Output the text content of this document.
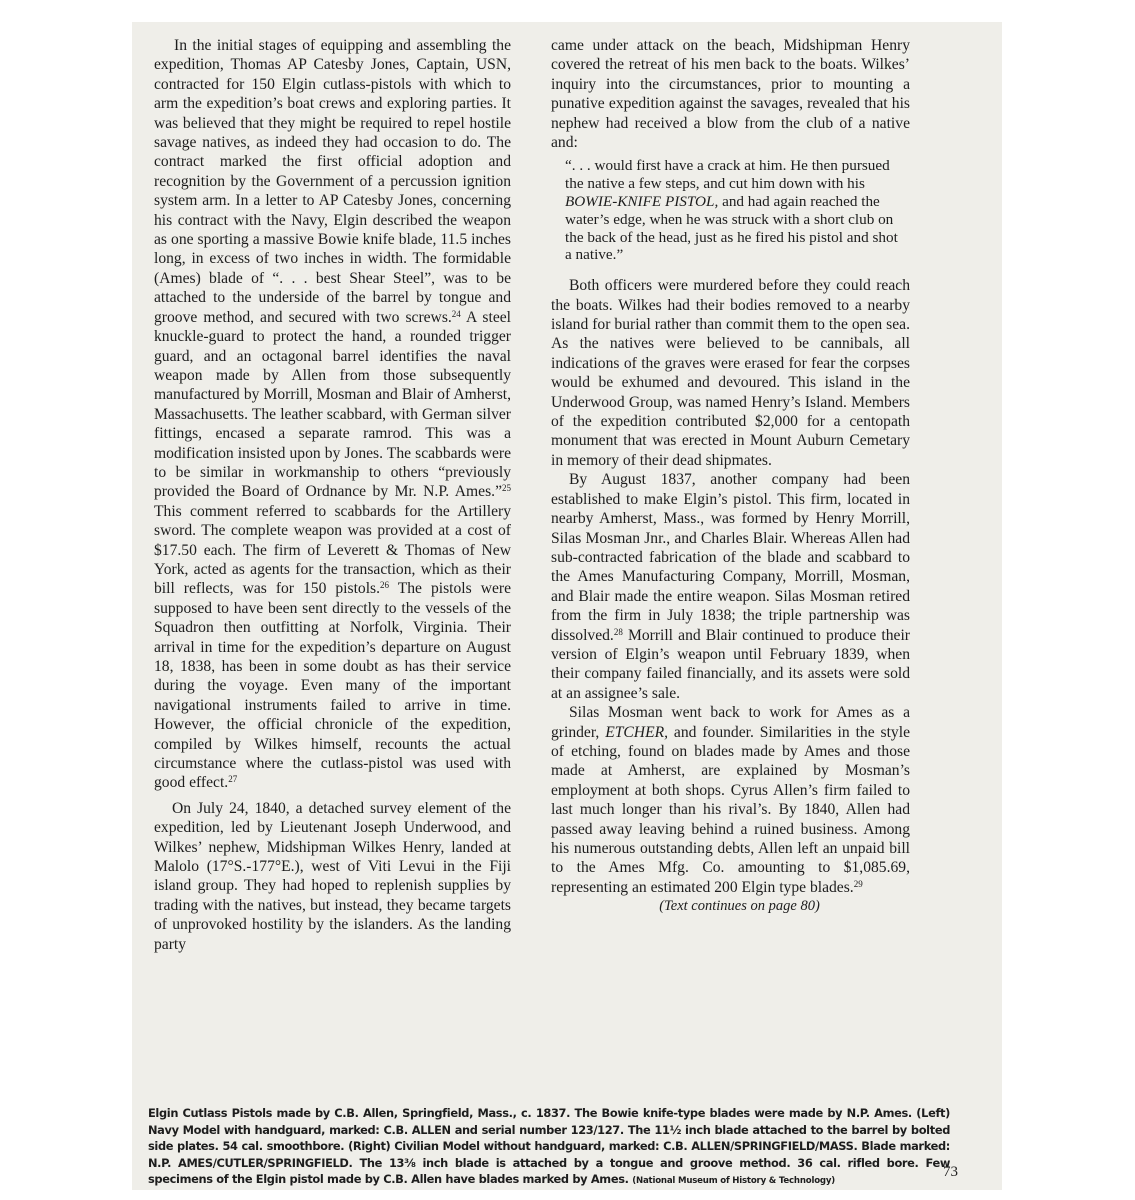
In the initial stages of equipping and assembling the expedition, Thomas AP Catesby Jones, Captain, USN, contracted for 150 Elgin cutlass-pistols with which to arm the expedition’s boat crews and exploring parties. It was believed that they might be required to repel hostile savage natives, as indeed they had occasion to do. The contract marked the first official adoption and recognition by the Government of a percussion ignition system arm. In a letter to AP Catesby Jones, concerning his contract with the Navy, Elgin described the weapon as one sporting a massive Bowie knife blade, 11.5 inches long, in excess of two inches in width. The formidable (Ames) blade of “. . . best Shear Steel”, was to be attached to the underside of the barrel by tongue and groove method, and secured with two screws.$^{24}$ A steel knuckle-guard to protect the hand, a rounded trigger guard, and an octagonal barrel identifies the naval weapon made by Allen from those subsequently manufactured by Morrill, Mosman and Blair of Amherst, Massachusetts. The leather scabbard, with German silver fittings, encased a separate ramrod. This was a modification insisted upon by Jones. The scabbards were to be similar in workmanship to others “previously provided the Board of Ordnance by Mr. N.P. Ames.”$^{25}$ This comment referred to scabbards for the Artillery sword. The complete weapon was provided at a cost of $17.50 each. The firm of Leverett & Thomas of New York, acted as agents for the transaction, which as their bill reflects, was for 150 pistols.$^{26}$ The pistols were supposed to have been sent directly to the vessels of the Squadron then outfitting at Norfolk, Virginia. Their arrival in time for the expedition’s departure on August 18, 1838, has been in some doubt as has their service during the voyage. Even many of the important navigational instruments failed to arrive in time. However, the official chronicle of the expedition, compiled by Wilkes himself, recounts the actual circumstance where the cutlass-pistol was used with good effect.$^{27}$

On July 24, 1840, a detached survey element of the expedition, led by Lieutenant Joseph Underwood, and Wilkes’ nephew, Midshipman Wilkes Henry, landed at Malolo (17°S.-177°E.), west of Viti Levui in the Fiji island group. They had hoped to replenish supplies by trading with the natives, but instead, they became targets of unprovoked hostility by the islanders. As the landing party

came under attack on the beach, Midshipman Henry covered the retreat of his men back to the boats. Wilkes’ inquiry into the circumstances, prior to mounting a punative expedition against the savages, revealed that his nephew had received a blow from the club of a native and:

“. . . would first have a crack at him. He then pursued the native a few steps, and cut him down with his BOWIE-KNIFE PISTOL, and had again reached the water’s edge, when he was struck with a short club on the back of the head, just as he fired his pistol and shot a native.”

Both officers were murdered before they could reach the boats. Wilkes had their bodies removed to a nearby island for burial rather than commit them to the open sea. As the natives were believed to be cannibals, all indications of the graves were erased for fear the corpses would be exhumed and devoured. This island in the Underwood Group, was named Henry’s Island. Members of the expedition contributed $2,000 for a centopath monument that was erected in Mount Auburn Cemetary in memory of their dead shipmates.

By August 1837, another company had been established to make Elgin’s pistol. This firm, located in nearby Amherst, Mass., was formed by Henry Morrill, Silas Mosman Jnr., and Charles Blair. Whereas Allen had sub-contracted fabrication of the blade and scabbard to the Ames Manufacturing Company, Morrill, Mosman, and Blair made the entire weapon. Silas Mosman retired from the firm in July 1838; the triple partnership was dissolved.$^{28}$ Morrill and Blair continued to produce their version of Elgin’s weapon until February 1839, when their company failed financially, and its assets were sold at an assignee’s sale.

Silas Mosman went back to work for Ames as a grinder, ETCHER, and founder. Similarities in the style of etching, found on blades made by Ames and those made at Amherst, are explained by Mosman’s employment at both shops. Cyrus Allen’s firm failed to last much longer than his rival’s. By 1840, Allen had passed away leaving behind a ruined business. Among his numerous outstanding debts, Allen left an unpaid bill to the Ames Mfg. Co. amounting to $1,085.69, representing an estimated 200 Elgin type blades.$^{29}$

(Text continues on page 80)

Elgin Cutlass Pistols made by C.B. Allen, Springfield, Mass., c. 1837. The Bowie knife-type blades were made by N.P. Ames. (Left) Navy Model with handguard, marked: C.B. ALLEN and serial number 123/127. The 11½ inch blade attached to the barrel by bolted side plates. 54 cal. smoothbore. (Right) Civilian Model without handguard, marked: C.B. ALLEN/SPRINGFIELD/MASS. Blade marked: N.P. AMES/CUTLER/SPRINGFIELD. The 13⅜ inch blade is attached by a tongue and groove method. 36 cal. rifled bore. Few specimens of the Elgin pistol made by C.B. Allen have blades marked by Ames. (National Museum of History & Technology)
73
